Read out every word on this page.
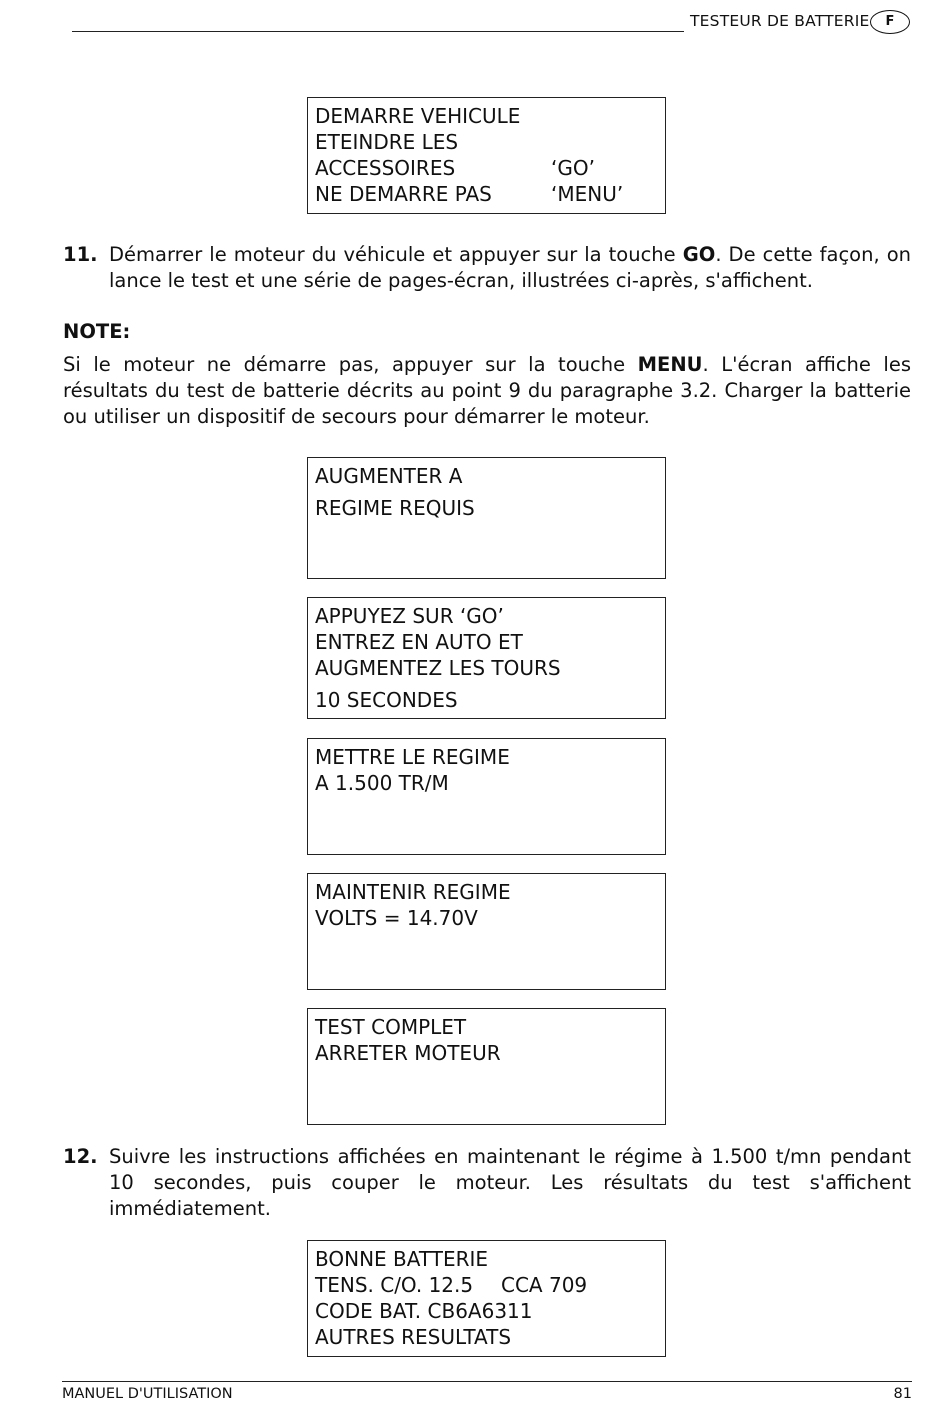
TESTEUR DE BATTERIE	F
DEMARRE VEHICULE
ETEINDRE LES
ACCESSOIRES	‘GO’
NE DEMARRE PAS	‘MENU’
11. Démarrer le moteur du véhicule et appuyer sur la touche GO. De cette façon, on lance le test et une série de pages-écran, illustrées ci-après, s'affichent.
NOTE:
Si le moteur ne démarre pas, appuyer sur la touche MENU. L'écran affiche les résultats du test de batterie décrits au point 9 du paragraphe 3.2. Charger la batterie ou utiliser un dispositif de secours pour démarrer le moteur.
AUGMENTER A
REGIME REQUIS
APPUYEZ SUR ‘GO’
ENTREZ EN AUTO ET
AUGMENTEZ LES TOURS
10 SECONDES
METTRE LE REGIME
A 1.500 TR/M
MAINTENIR REGIME
VOLTS = 14.70V
TEST COMPLET
ARRETER MOTEUR
12. Suivre les instructions affichées en maintenant le régime à 1.500 t/mn pendant 10 secondes, puis couper le moteur. Les résultats du test s'affichent immédiatement.
BONNE BATTERIE
TENS. C/O. 12.5 CCA 709
CODE BAT. CB6A6311
AUTRES RESULTATS
MANUEL D'UTILISATION	81
